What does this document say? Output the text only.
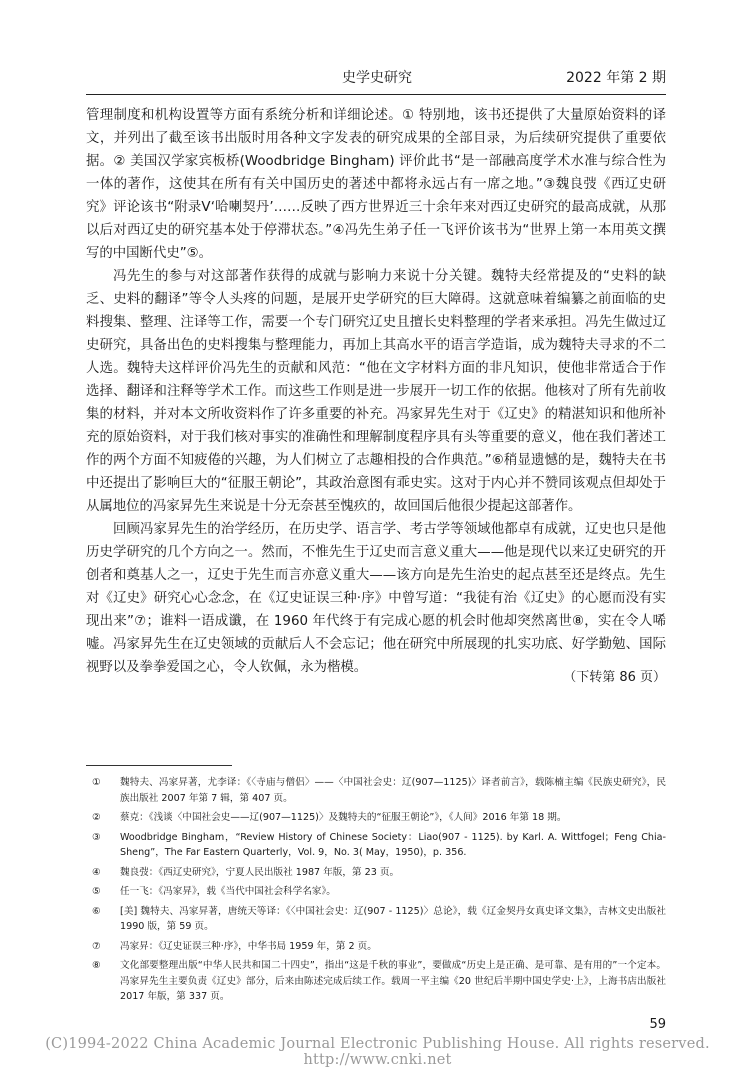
史学史研究	2022 年第 2 期

管理制度和机构设置等方面有系统分析和详细论述。① 特别地，该书还提供了大量原始资料的译文，并列出了截至该书出版时用各种文字发表的研究成果的全部目录，为后续研究提供了重要依据。② 美国汉学家宾板桥(Woodbridge Bingham) 评价此书“是一部融高度学术水准与综合性为一体的著作，这使其在所有有关中国历史的著述中都将永远占有一席之地。”③魏良弢《西辽史研究》评论该书“附录Ⅴ‘哈喇契丹’……反映了西方世界近三十余年来对西辽史研究的最高成就，从那以后对西辽史的研究基本处于停滞状态。”④冯先生弟子任一飞评价该书为“世界上第一本用英文撰写的中国断代史”⑤。

冯先生的参与对这部著作获得的成就与影响力来说十分关键。魏特夫经常提及的“史料的缺乏、史料的翻译”等令人头疼的问题，是展开史学研究的巨大障碍。这就意味着编纂之前面临的史料搜集、整理、注译等工作，需要一个专门研究辽史且擅长史料整理的学者来承担。冯先生做过辽史研究，具备出色的史料搜集与整理能力，再加上其高水平的语言学造诣，成为魏特夫寻求的不二人选。魏特夫这样评价冯先生的贡献和风范：“他在文字材料方面的非凡知识，使他非常适合于作选择、翻译和注释等学术工作。而这些工作则是进一步展开一切工作的依据。他核对了所有先前收集的材料，并对本文所收资料作了许多重要的补充。冯家昇先生对于《辽史》的精湛知识和他所补充的原始资料，对于我们核对事实的准确性和理解制度程序具有头等重要的意义，他在我们著述工作的两个方面不知疲倦的兴趣，为人们树立了志趣相投的合作典范。”⑥稍显遗憾的是，魏特夫在书中还提出了影响巨大的“征服王朝论”，其政治意图有乖史实。这对于内心并不赞同该观点但却处于从属地位的冯家昇先生来说是十分无奈甚至愧疚的，故回国后他很少提起这部著作。

回顾冯家昇先生的治学经历，在历史学、语言学、考古学等领域他都卓有成就，辽史也只是他历史学研究的几个方向之一。然而，不惟先生于辽史而言意义重大——他是现代以来辽史研究的开创者和奠基人之一，辽史于先生而言亦意义重大——该方向是先生治史的起点甚至还是终点。先生对《辽史》研究心心念念，在《辽史证误三种·序》中曾写道：“我徒有治《辽史》的心愿而没有实现出来”⑦；谁料一语成谶，在 1960 年代终于有完成心愿的机会时他却突然离世⑧，实在令人唏嘘。冯家昇先生在辽史领域的贡献后人不会忘记；他在研究中所展现的扎实功底、好学勤勉、国际视野以及拳拳爱国之心，令人钦佩，永为楷模。

（下转第 86 页）
①	魏特夫、冯家昇著，尤李译：《〈寺庙与僧侣〉——〈中国社会史：辽(907—1125)〉译者前言》，载陈楠主编《民族史研究》，民族出版社 2007 年第 7 辑，第 407 页。
②	蔡克：《浅谈〈中国社会史——辽(907—1125)〉及魏特夫的“征服王朝论”》，《人间》2016 年第 18 期。
③	Woodbridge Bingham，“Review History of Chinese Society：Liao(907 - 1125). by Karl. A. Wittfogel；Feng Chia-Sheng”，The Far Eastern Quarterly，Vol. 9，No. 3( May，1950)，p. 356.
④	魏良弢：《西辽史研究》，宁夏人民出版社 1987 年版，第 23 页。
⑤	任一飞：《冯家昇》，载《当代中国社会科学名家》。
⑥	[美] 魏特夫、冯家昇著，唐统天等译：《〈中国社会史：辽(907 - 1125)〉总论》，载《辽金契丹女真史译文集》，吉林文史出版社 1990 版，第 59 页。
⑦	冯家昇：《辽史证误三种·序》，中华书局 1959 年，第 2 页。
⑧	文化部要整理出版“中华人民共和国二十四史”，指出“这是千秋的事业”，要做成“历史上是正确、是可靠、是有用的”一个定本。冯家昇先生主要负责《辽史》部分，后来由陈述完成后续工作。载周一平主编《20 世纪后半期中国史学史·上》，上海书店出版社 2017 年版，第 337 页。
59
(C)1994-2022 China Academic Journal Electronic Publishing House. All rights reserved. http://www.cnki.net
